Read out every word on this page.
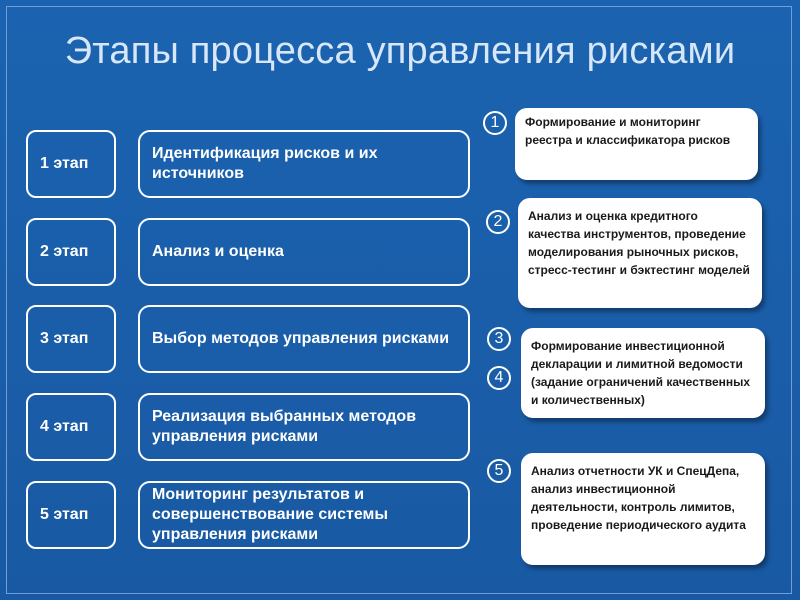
Этапы процесса управления рисками
1 этап
2 этап
3 этап
4 этап
5 этап
Идентификация рисков и их источников
Анализ и оценка
Выбор методов управления рисками
Реализация выбранных методов управления рисками
Мониторинг результатов и совершенствование системы управления рисками
1
2
3
4
5
Формирование и мониторинг реестра и классификатора рисков
Анализ и оценка кредитного качества инструментов, проведение моделирования рыночных рисков, стресс-тестинг и бэктестинг моделей
Формирование инвестиционной декларации и лимитной ведомости (задание ограничений качественных и количественных)
Анализ отчетности УК и СпецДепа, анализ инвестиционной деятельности, контроль лимитов, проведение периодического аудита
